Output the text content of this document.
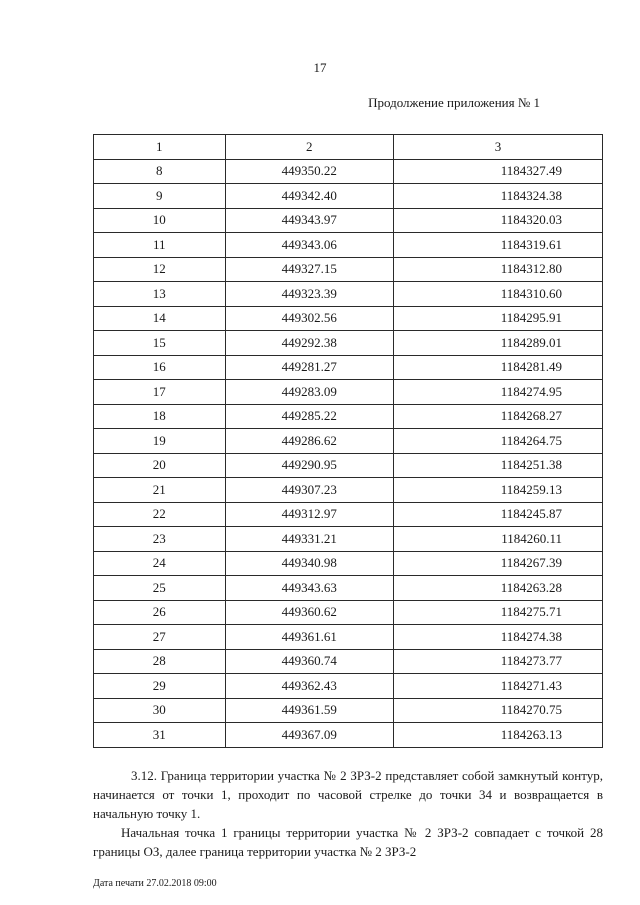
17
Продолжение приложения № 1
1	2	3
8	449350.22	1184327.49
9	449342.40	1184324.38
10	449343.97	1184320.03
11	449343.06	1184319.61
12	449327.15	1184312.80
13	449323.39	1184310.60
14	449302.56	1184295.91
15	449292.38	1184289.01
16	449281.27	1184281.49
17	449283.09	1184274.95
18	449285.22	1184268.27
19	449286.62	1184264.75
20	449290.95	1184251.38
21	449307.23	1184259.13
22	449312.97	1184245.87
23	449331.21	1184260.11
24	449340.98	1184267.39
25	449343.63	1184263.28
26	449360.62	1184275.71
27	449361.61	1184274.38
28	449360.74	1184273.77
29	449362.43	1184271.43
30	449361.59	1184270.75
31	449367.09	1184263.13
3.12. Граница территории участка № 2 ЗРЗ-2 представляет собой замкнутый контур, начинается от точки 1, проходит по часовой стрелке до точки 34 и возвращается в начальную точку 1.
Начальная точка 1 границы территории участка № 2 ЗРЗ-2 совпадает с точкой 28 границы ОЗ, далее граница территории участка № 2 ЗРЗ-2
Дата печати 27.02.2018 09:00
